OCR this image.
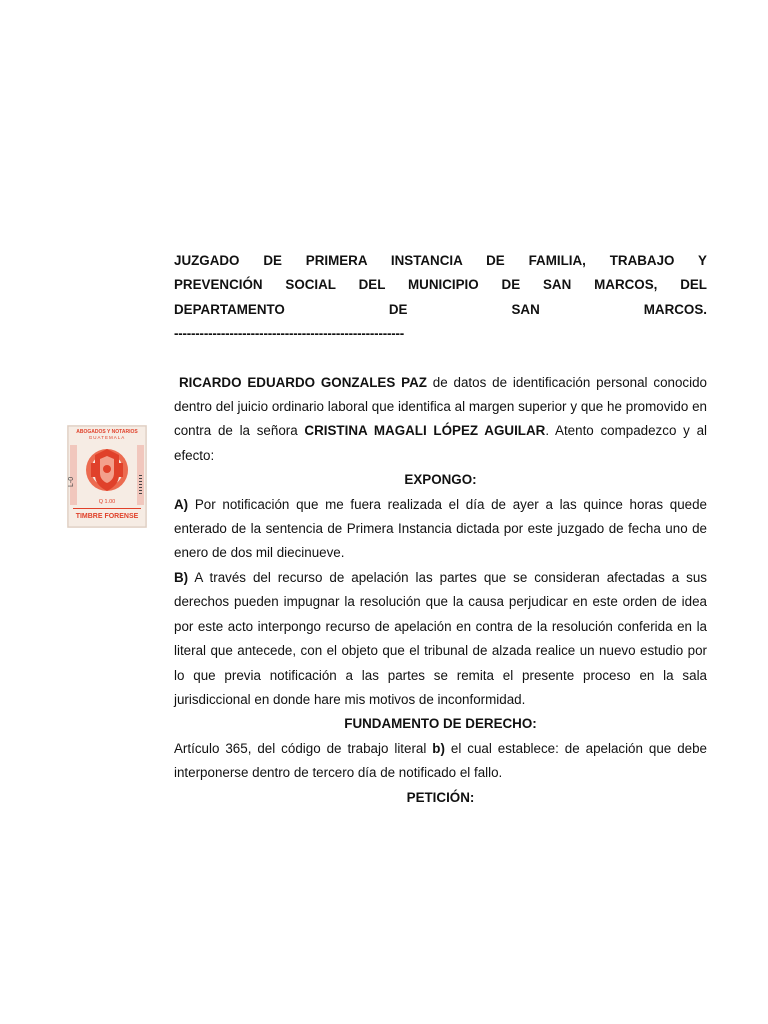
ABOGADOS Y NOTARIOS
GUATEMALA
L-0
Q 1.00
TIMBRE FORENSE

JUZGADO DE PRIMERA INSTANCIA DE FAMILIA, TRABAJO Y

PREVENCIÓN SOCIAL DEL MUNICIPIO DE SAN MARCOS, DEL

DEPARTAMENTO DE SAN MARCOS.

------------------------------------------------------

RICARDO EDUARDO GONZALES PAZ de datos de identificación personal conocido dentro del juicio ordinario laboral que identifica al margen superior y que he promovido en contra de la señora CRISTINA MAGALI LÓPEZ AGUILAR. Atento compadezco y al efecto:

EXPONGO:

A) Por notificación que me fuera realizada el día de ayer a las quince horas quede enterado de la sentencia de Primera Instancia dictada por este juzgado de fecha uno de enero de dos mil diecinueve.

B) A través del recurso de apelación las partes que se consideran afectadas a sus derechos pueden impugnar la resolución que la causa perjudicar en este orden de idea por este acto interpongo recurso de apelación en contra de la resolución conferida en la literal que antecede, con el objeto que el tribunal de alzada realice un nuevo estudio por lo que previa notificación a las partes se remita el presente proceso en la sala jurisdiccional en donde hare mis motivos de inconformidad.

FUNDAMENTO DE DERECHO:

Artículo 365, del código de trabajo literal b) el cual establece: de apelación que debe interponerse dentro de tercero día de notificado el fallo.

PETICIÓN:
